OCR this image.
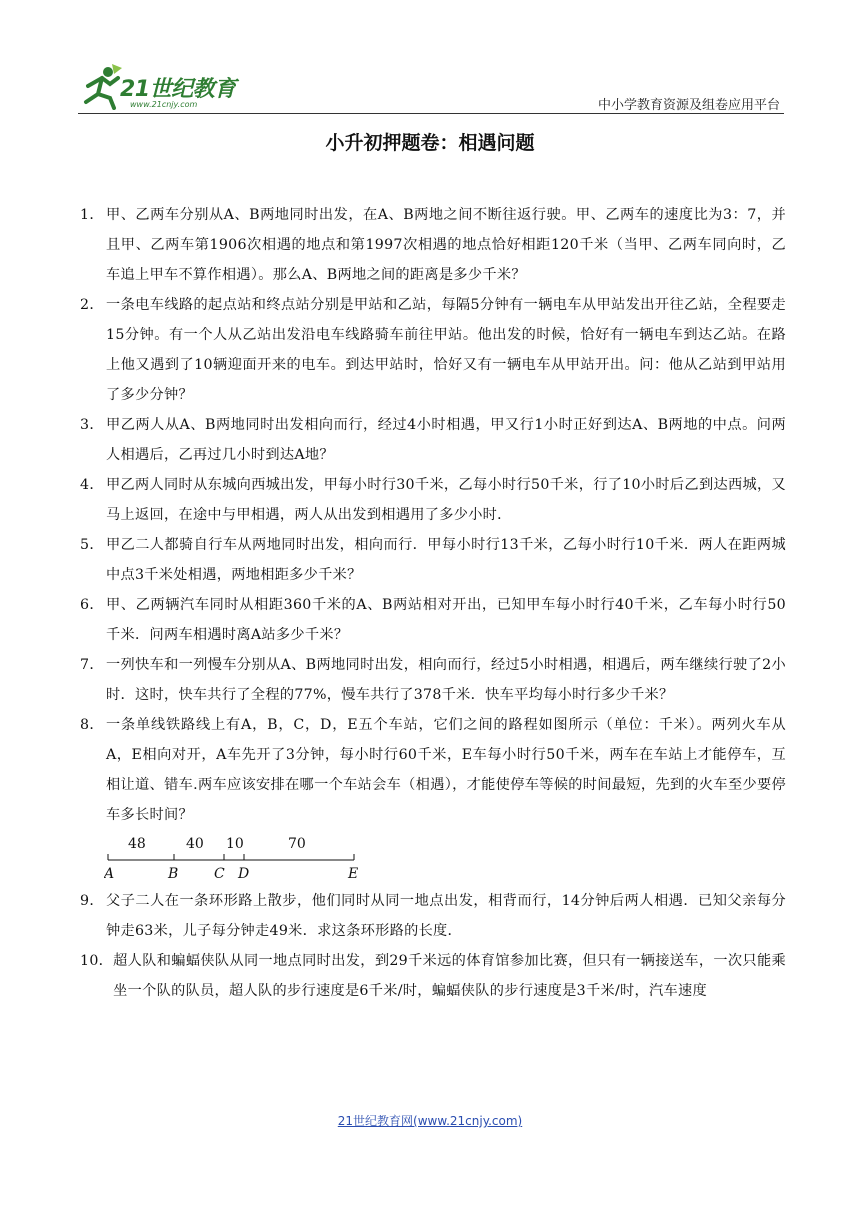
21世纪教育
www.21cnjy.com	中小学教育资源及组卷应用平台
小升初押题卷：相遇问题
1． 甲、乙两车分别从A、B两地同时出发，在A、B两地之间不断往返行驶。甲、乙两车的速度比为3：7，并且甲、乙两车第1906次相遇的地点和第1997次相遇的地点恰好相距120千米（当甲、乙两车同向时，乙车追上甲车不算作相遇）。那么A、B两地之间的距离是多少千米？
2． 一条电车线路的起点站和终点站分别是甲站和乙站，每隔5分钟有一辆电车从甲站发出开往乙站，全程要走15分钟。有一个人从乙站出发沿电车线路骑车前往甲站。他出发的时候，恰好有一辆电车到达乙站。在路上他又遇到了10辆迎面开来的电车。到达甲站时，恰好又有一辆电车从甲站开出。问：他从乙站到甲站用了多少分钟？
3． 甲乙两人从A、B两地同时出发相向而行，经过4小时相遇，甲又行1小时正好到达A、B两地的中点。问两人相遇后，乙再过几小时到达A地？
4． 甲乙两人同时从东城向西城出发，甲每小时行30千米，乙每小时行50千米，行了10小时后乙到达西城，又马上返回，在途中与甲相遇，两人从出发到相遇用了多少小时．
5． 甲乙二人都骑自行车从两地同时出发，相向而行．甲每小时行13千米，乙每小时行10千米．两人在距两城中点3千米处相遇，两地相距多少千米？
6． 甲、乙两辆汽车同时从相距360千米的A、B两站相对开出，已知甲车每小时行40千米，乙车每小时行50千米．问两车相遇时离A站多少千米？
7． 一列快车和一列慢车分别从A、B两地同时出发，相向而行，经过5小时相遇，相遇后，两车继续行驶了2小时．这时，快车共行了全程的77%，慢车共行了378千米．快车平均每小时行多少千米？
8． 一条单线铁路线上有A，B，C，D，E五个车站，它们之间的路程如图所示（单位：千米）。两列火车从A，E相向对开，A车先开了3分钟，每小时行60千米，E车每小时行50千米，两车在车站上才能停车，互相让道、错车.两车应该安排在哪一个车站会车（相遇），才能使停车等候的时间最短，先到的火车至少要停车多长时间？
48	40 10	70
A	B	C D	E
9． 父子二人在一条环形路上散步，他们同时从同一地点出发，相背而行，14分钟后两人相遇．已知父亲每分钟走63米，儿子每分钟走49米．求这条环形路的长度．
10． 超人队和蝙蝠侠队从同一地点同时出发，到29千米远的体育馆参加比赛，但只有一辆接送车，一次只能乘坐一个队的队员，超人队的步行速度是6千米/时，蝙蝠侠队的步行速度是3千米/时，汽车速度
21世纪教育网(www.21cnjy.com)
